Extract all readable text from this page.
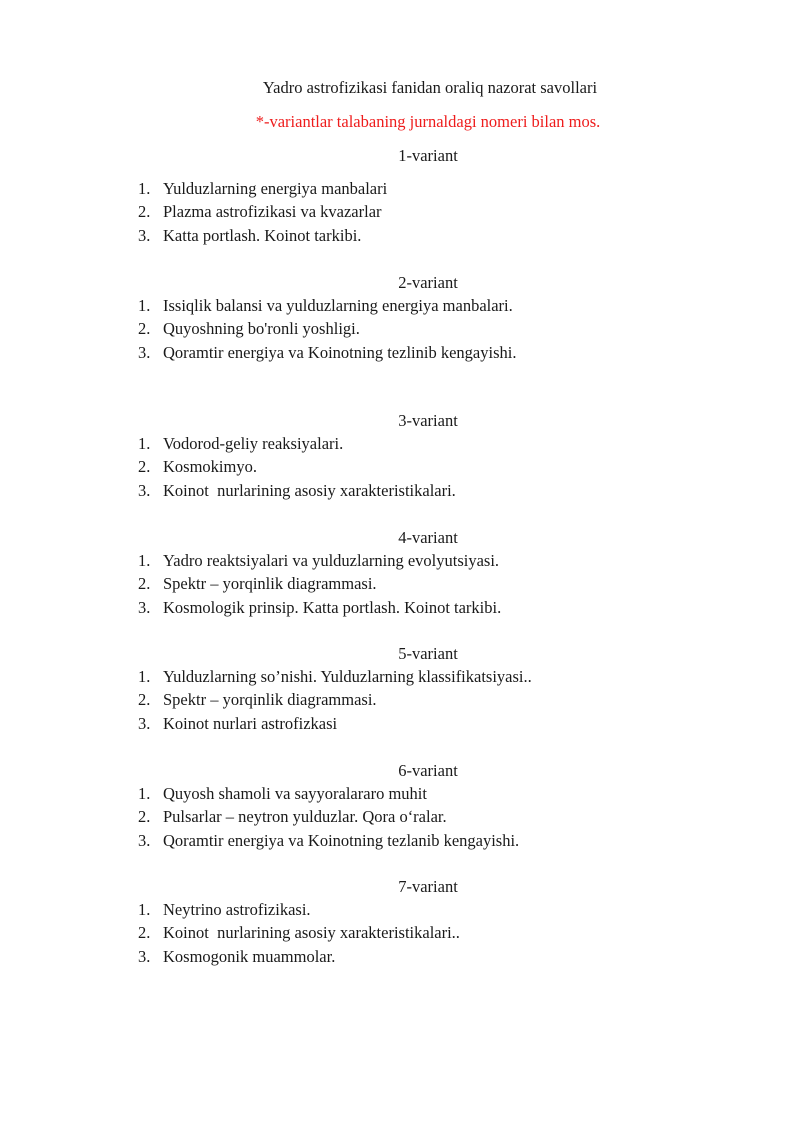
Yadro astrofizikasi fanidan oraliq nazorat savollari
*-variantlar talabaning jurnaldagi nomeri bilan mos.
1-variant
1. Yulduzlarning energiya manbalari
2. Plazma astrofizikasi va kvazarlar
3. Katta portlash. Koinot tarkibi.
2-variant
1. Issiqlik balansi va yulduzlarning energiya manbalari.
2. Quyoshning bo'ronli yoshligi.
3. Qoramtir energiya va Koinotning tezlinib kengayishi.
3-variant
1. Vodorod-geliy reaksiyalari.
2. Kosmokimyo.
3. Koinot  nurlarining asosiy xarakteristikalari.
4-variant
1. Yadro reaktsiyalari va yulduzlarning evolyutsiyasi.
2. Spektr – yorqinlik diagrammasi.
3. Kosmologik prinsip. Katta portlash. Koinot tarkibi.
5-variant
1. Yulduzlarning so’nishi. Yulduzlarning klassifikatsiyasi..
2. Spektr – yorqinlik diagrammasi.
3. Koinot nurlari astrofizkasi
6-variant
1. Quyosh shamoli va sayyoralararo muhit
2. Pulsarlar – neytron yulduzlar. Qora o‘ralar.
3. Qoramtir energiya va Koinotning tezlanib kengayishi.
7-variant
1. Neytrino astrofizikasi.
2. Koinot  nurlarining asosiy xarakteristikalari..
3. Kosmogonik muammolar.
